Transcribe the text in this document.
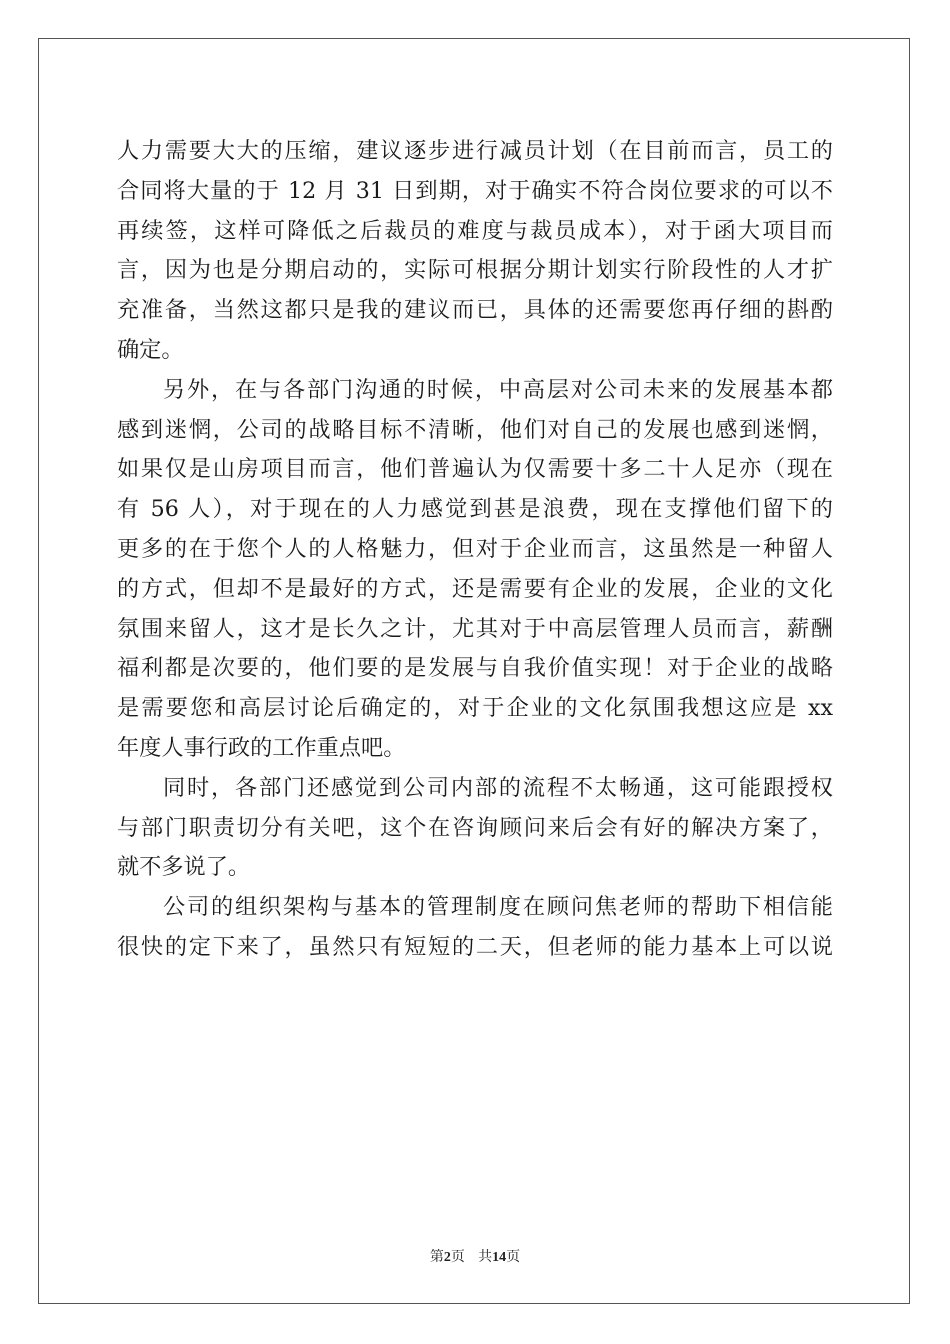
人力需要大大的压缩，建议逐步进行减员计划（在目前而言，员工的
合同将大量的于 12 月 31 日到期，对于确实不符合岗位要求的可以不
再续签，这样可降低之后裁员的难度与裁员成本），对于函大项目而
言，因为也是分期启动的，实际可根据分期计划实行阶段性的人才扩
充准备，当然这都只是我的建议而已，具体的还需要您再仔细的斟酌
确定。
另外，在与各部门沟通的时候，中高层对公司未来的发展基本都
感到迷惘，公司的战略目标不清晰，他们对自己的发展也感到迷惘，
如果仅是山房项目而言，他们普遍认为仅需要十多二十人足亦（现在
有 56 人），对于现在的人力感觉到甚是浪费，现在支撑他们留下的
更多的在于您个人的人格魅力，但对于企业而言，这虽然是一种留人
的方式，但却不是最好的方式，还是需要有企业的发展，企业的文化
氛围来留人，这才是长久之计，尤其对于中高层管理人员而言，薪酬
福利都是次要的，他们要的是发展与自我价值实现！对于企业的战略
是需要您和高层讨论后确定的，对于企业的文化氛围我想这应是 xx
年度人事行政的工作重点吧。
同时，各部门还感觉到公司内部的流程不太畅通，这可能跟授权
与部门职责切分有关吧，这个在咨询顾问来后会有好的解决方案了，
就不多说了。
公司的组织架构与基本的管理制度在顾问焦老师的帮助下相信能
很快的定下来了，虽然只有短短的二天，但老师的能力基本上可以说
第2页 共14页
